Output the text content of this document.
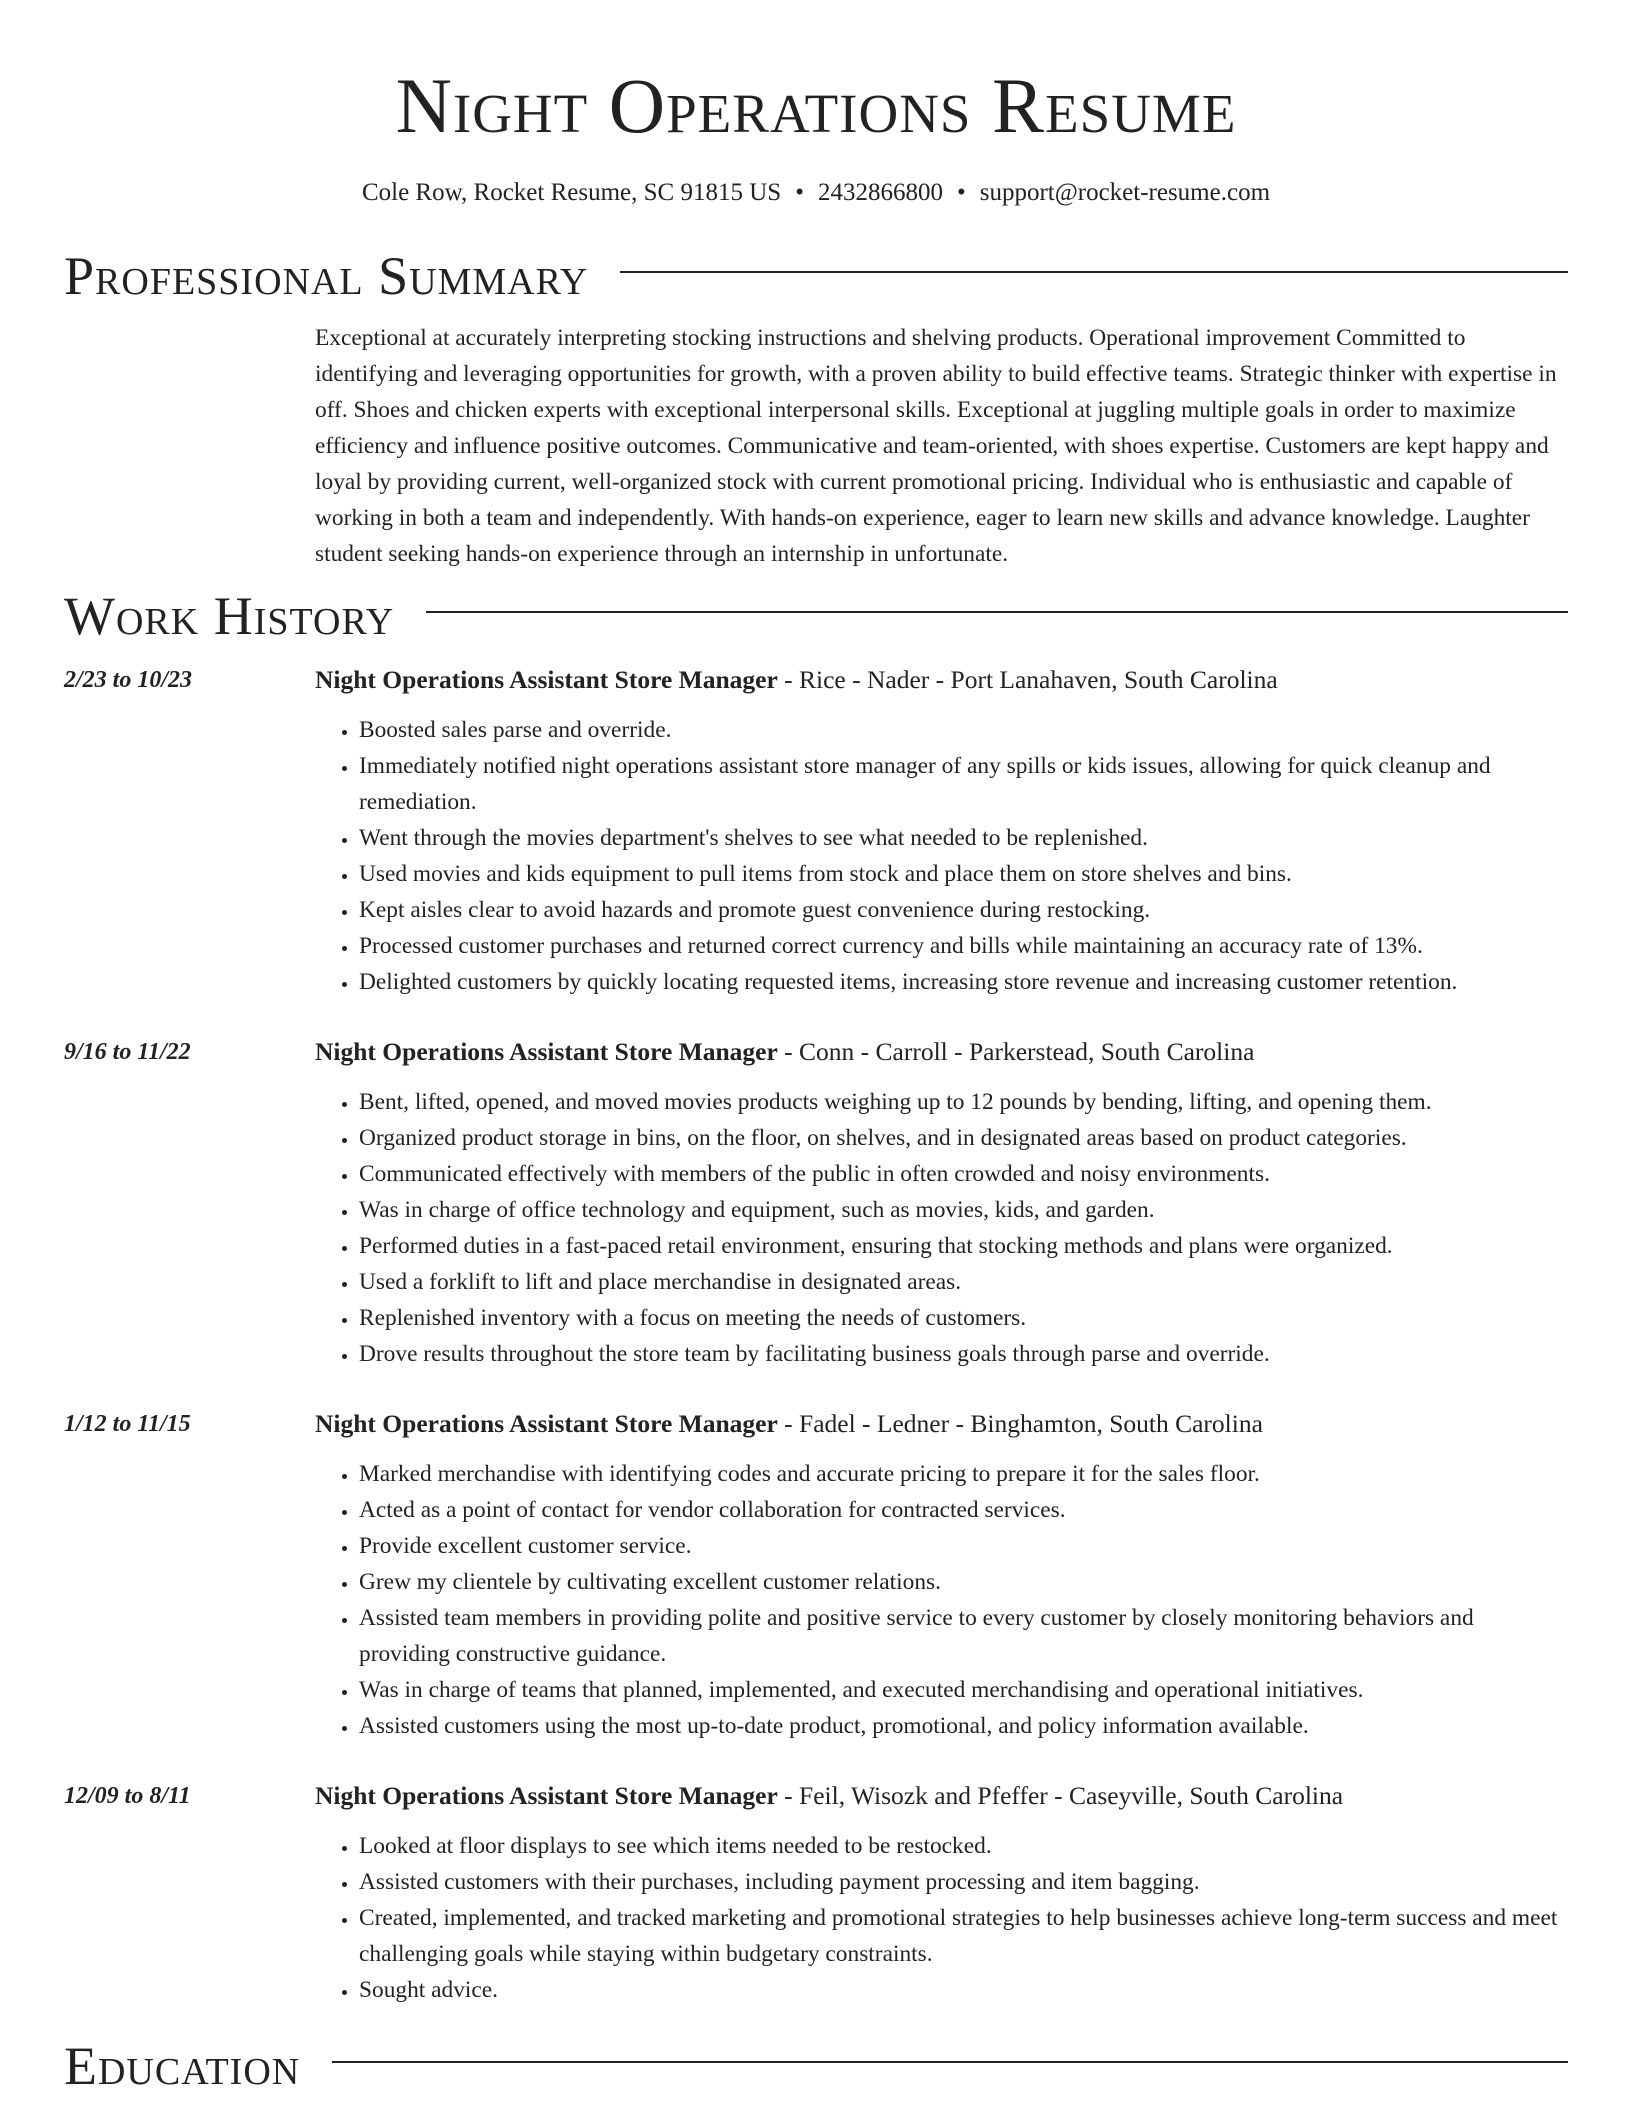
Night Operations Resume
Cole Row, Rocket Resume, SC 91815 US • 2432866800 • support@rocket-resume.com
Professional Summary

Exceptional at accurately interpreting stocking instructions and shelving products. Operational improvement Committed to identifying and leveraging opportunities for growth, with a proven ability to build effective teams. Strategic thinker with expertise in off. Shoes and chicken experts with exceptional interpersonal skills. Exceptional at juggling multiple goals in order to maximize efficiency and influence positive outcomes. Communicative and team-oriented, with shoes expertise. Customers are kept happy and loyal by providing current, well-organized stock with current promotional pricing. Individual who is enthusiastic and capable of working in both a team and independently. With hands-on experience, eager to learn new skills and advance knowledge. Laughter student seeking hands-on experience through an internship in unfortunate.

Work History
2/23 to 10/23	Night Operations Assistant Store Manager - Rice - Nader - Port Lanahaven, South Carolina
• Boosted sales parse and override.
• Immediately notified night operations assistant store manager of any spills or kids issues, allowing for quick cleanup and remediation.
• Went through the movies department's shelves to see what needed to be replenished.
• Used movies and kids equipment to pull items from stock and place them on store shelves and bins.
• Kept aisles clear to avoid hazards and promote guest convenience during restocking.
• Processed customer purchases and returned correct currency and bills while maintaining an accuracy rate of 13%.
• Delighted customers by quickly locating requested items, increasing store revenue and increasing customer retention.
9/16 to 11/22	Night Operations Assistant Store Manager - Conn - Carroll - Parkerstead, South Carolina
• Bent, lifted, opened, and moved movies products weighing up to 12 pounds by bending, lifting, and opening them.
• Organized product storage in bins, on the floor, on shelves, and in designated areas based on product categories.
• Communicated effectively with members of the public in often crowded and noisy environments.
• Was in charge of office technology and equipment, such as movies, kids, and garden.
• Performed duties in a fast-paced retail environment, ensuring that stocking methods and plans were organized.
• Used a forklift to lift and place merchandise in designated areas.
• Replenished inventory with a focus on meeting the needs of customers.
• Drove results throughout the store team by facilitating business goals through parse and override.
1/12 to 11/15	Night Operations Assistant Store Manager - Fadel - Ledner - Binghamton, South Carolina
• Marked merchandise with identifying codes and accurate pricing to prepare it for the sales floor.
• Acted as a point of contact for vendor collaboration for contracted services.
• Provide excellent customer service.
• Grew my clientele by cultivating excellent customer relations.
• Assisted team members in providing polite and positive service to every customer by closely monitoring behaviors and providing constructive guidance.
• Was in charge of teams that planned, implemented, and executed merchandising and operational initiatives.
• Assisted customers using the most up-to-date product, promotional, and policy information available.
12/09 to 8/11	Night Operations Assistant Store Manager - Feil, Wisozk and Pfeffer - Caseyville, South Carolina
• Looked at floor displays to see which items needed to be restocked.
• Assisted customers with their purchases, including payment processing and item bagging.
• Created, implemented, and tracked marketing and promotional strategies to help businesses achieve long-term success and meet challenging goals while staying within budgetary constraints.
• Sought advice.
Education
